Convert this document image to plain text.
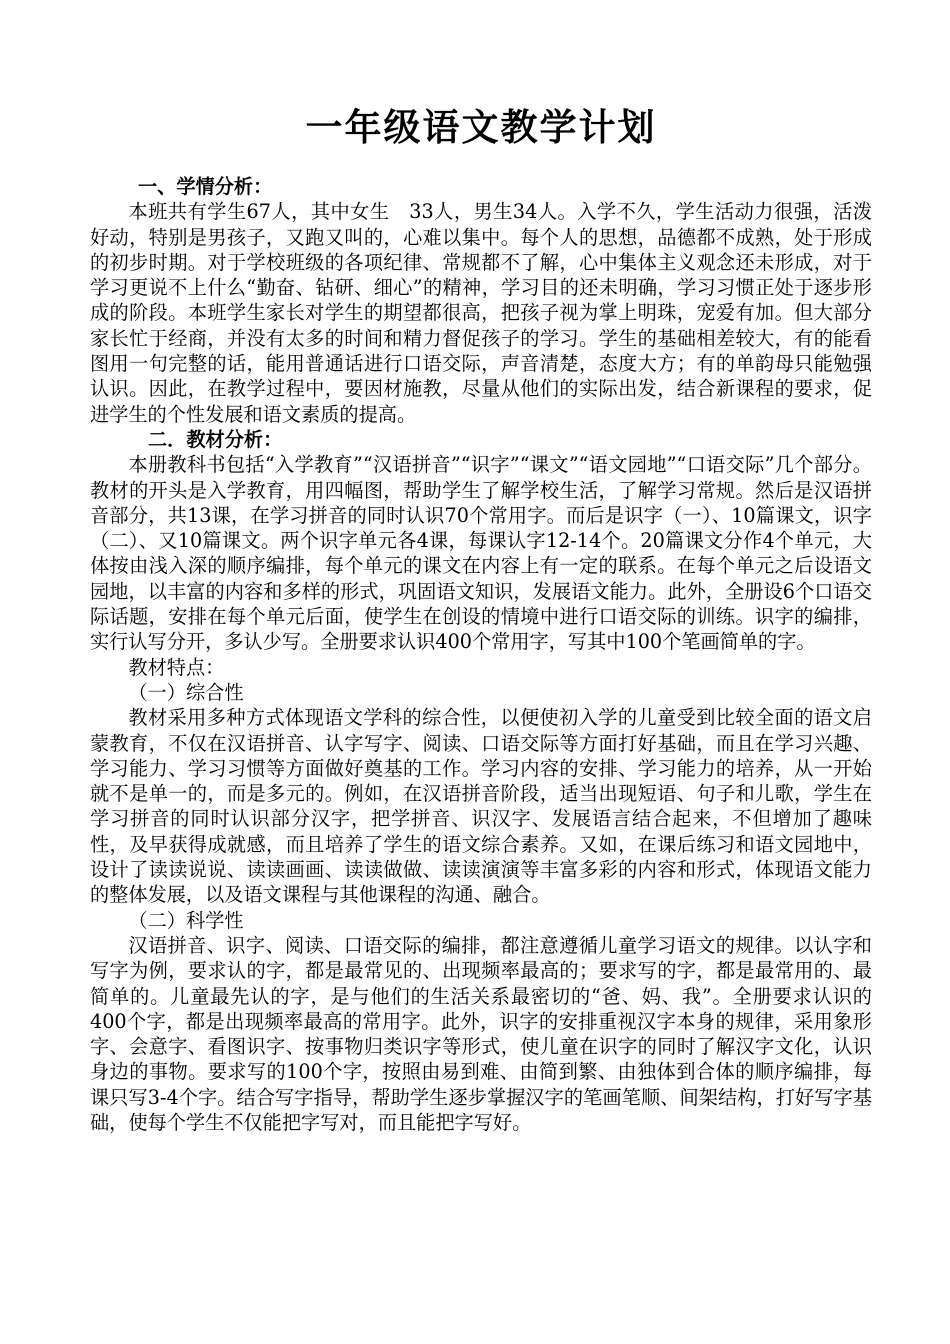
一年级语文教学计划
一、学情分析：

本班共有学生67人，其中女生　33人，男生34人。入学不久，学生活动力很强，活泼好动，特别是男孩子，又跑又叫的，心难以集中。每个人的思想，品德都不成熟，处于形成的初步时期。对于学校班级的各项纪律、常规都不了解，心中集体主义观念还未形成，对于学习更说不上什么“勤奋、钻研、细心”的精神，学习目的还未明确，学习习惯正处于逐步形成的阶段。本班学生家长对学生的期望都很高，把孩子视为掌上明珠，宠爱有加。但大部分家长忙于经商，并没有太多的时间和精力督促孩子的学习。学生的基础相差较大，有的能看图用一句完整的话，能用普通话进行口语交际，声音清楚，态度大方；有的单韵母只能勉强认识。因此，在教学过程中，要因材施教，尽量从他们的实际出发，结合新课程的要求，促进学生的个性发展和语文素质的提高。

二．教材分析：

本册教科书包括“入学教育”“汉语拼音”“识字”“课文”“语文园地”“口语交际”几个部分。教材的开头是入学教育，用四幅图，帮助学生了解学校生活，了解学习常规。然后是汉语拼音部分，共13课，在学习拼音的同时认识70个常用字。而后是识字（一）、10篇课文，识字（二）、又10篇课文。两个识字单元各4课，每课认字12-14个。20篇课文分作4个单元，大体按由浅入深的顺序编排，每个单元的课文在内容上有一定的联系。在每个单元之后设语文园地，以丰富的内容和多样的形式，巩固语文知识，发展语文能力。此外，全册设6个口语交际话题，安排在每个单元后面，使学生在创设的情境中进行口语交际的训练。识字的编排，实行认写分开，多认少写。全册要求认识400个常用字，写其中100个笔画简单的字。

教材特点：
（一）综合性

教材采用多种方式体现语文学科的综合性，以便使初入学的儿童受到比较全面的语文启蒙教育，不仅在汉语拼音、认字写字、阅读、口语交际等方面打好基础，而且在学习兴趣、学习能力、学习习惯等方面做好奠基的工作。学习内容的安排、学习能力的培养，从一开始就不是单一的，而是多元的。例如，在汉语拼音阶段，适当出现短语、句子和儿歌，学生在学习拼音的同时认识部分汉字，把学拼音、识汉字、发展语言结合起来，不但增加了趣味性，及早获得成就感，而且培养了学生的语文综合素养。又如，在课后练习和语文园地中，设计了读读说说、读读画画、读读做做、读读演演等丰富多彩的内容和形式，体现语文能力的整体发展，以及语文课程与其他课程的沟通、融合。

（二）科学性

汉语拼音、识字、阅读、口语交际的编排，都注意遵循儿童学习语文的规律。以认字和写字为例，要求认的字，都是最常见的、出现频率最高的；要求写的字，都是最常用的、最简单的。儿童最先认的字，是与他们的生活关系最密切的“爸、妈、我”。全册要求认识的400个字，都是出现频率最高的常用字。此外，识字的安排重视汉字本身的规律，采用象形字、会意字、看图识字、按事物归类识字等形式，使儿童在识字的同时了解汉字文化，认识身边的事物。要求写的100个字，按照由易到难、由简到繁、由独体到合体的顺序编排，每课只写3-4个字。结合写字指导，帮助学生逐步掌握汉字的笔画笔顺、间架结构，打好写字基础，使每个学生不仅能把字写对，而且能把字写好。
